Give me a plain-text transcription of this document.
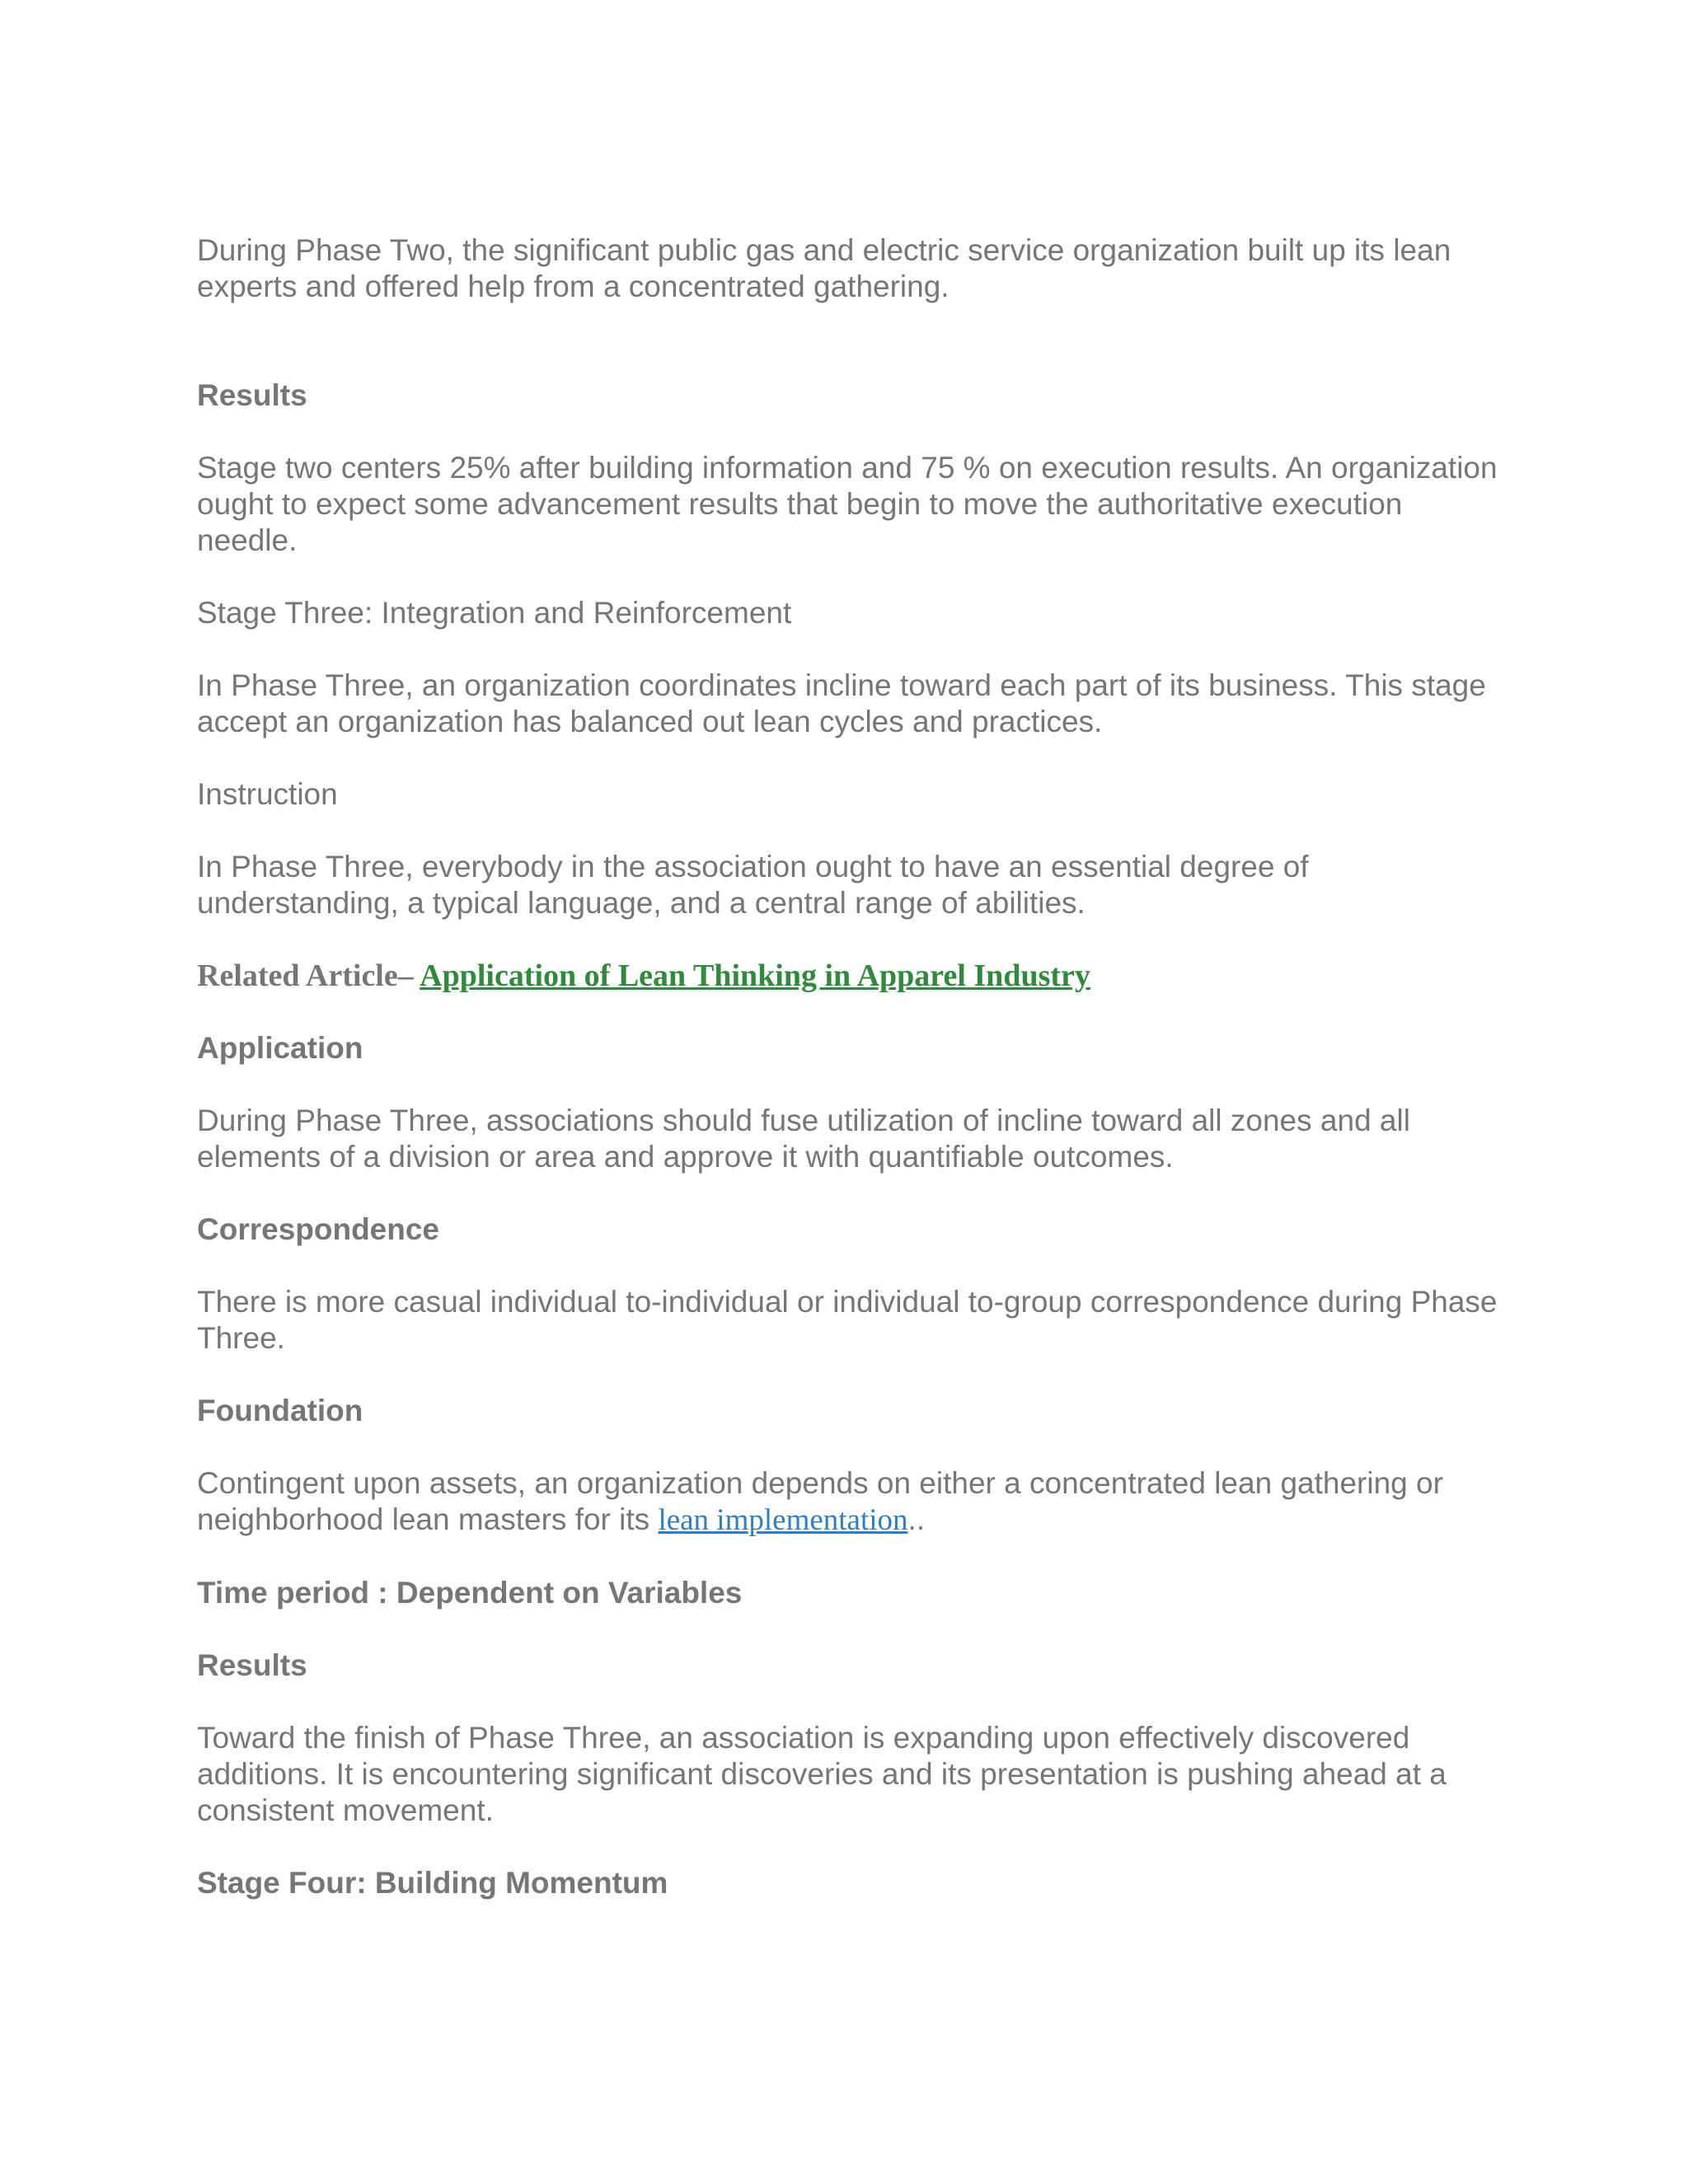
During Phase Two, the significant public gas and electric service organization built up its lean experts and offered help from a concentrated gathering.

Results

Stage two centers 25% after building information and 75 % on execution results. An organization ought to expect some advancement results that begin to move the authoritative execution needle.

Stage Three: Integration and Reinforcement

In Phase Three, an organization coordinates incline toward each part of its business. This stage accept an organization has balanced out lean cycles and practices.

Instruction

In Phase Three, everybody in the association ought to have an essential degree of understanding, a typical language, and a central range of abilities.

Related Article– Application of Lean Thinking in Apparel Industry

Application

During Phase Three, associations should fuse utilization of incline toward all zones and all elements of a division or area and approve it with quantifiable outcomes.

Correspondence

There is more casual individual to-individual or individual to-group correspondence during Phase Three.

Foundation

Contingent upon assets, an organization depends on either a concentrated lean gathering or neighborhood lean masters for its lean implementation..

Time period : Dependent on Variables

Results

Toward the finish of Phase Three, an association is expanding upon effectively discovered additions. It is encountering significant discoveries and its presentation is pushing ahead at a consistent movement.

Stage Four: Building Momentum
